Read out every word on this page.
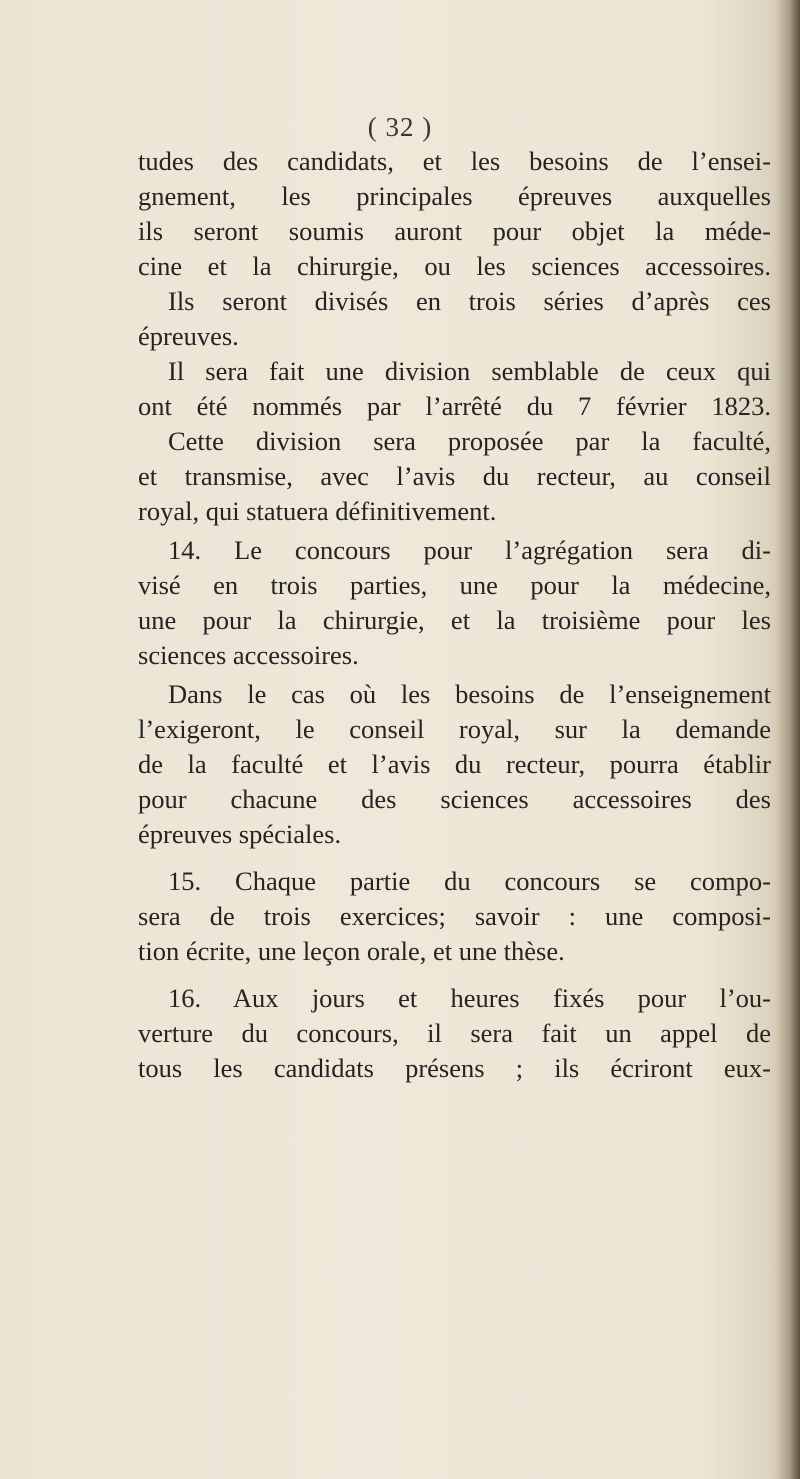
( 32 )
tudes des candidats, et les besoins de l’ensei-
gnement, les principales épreuves auxquelles
ils seront soumis auront pour objet la méde-
cine et la chirurgie, ou les sciences accessoires.
Ils seront divisés en trois séries d’après ces
épreuves.
Il sera fait une division semblable de ceux qui
ont été nommés par l’arrêté du 7 février 1823.
Cette division sera proposée par la faculté,
et transmise, avec l’avis du recteur, au conseil
royal, qui statuera définitivement.
14. Le concours pour l’agrégation sera di-
visé en trois parties, une pour la médecine,
une pour la chirurgie, et la troisième pour les
sciences accessoires.
Dans le cas où les besoins de l’enseignement
l’exigeront, le conseil royal, sur la demande
de la faculté et l’avis du recteur, pourra établir
pour chacune des sciences accessoires des
épreuves spéciales.
15. Chaque partie du concours se compo-
sera de trois exercices; savoir : une composi-
tion écrite, une leçon orale, et une thèse.
16. Aux jours et heures fixés pour l’ou-
verture du concours, il sera fait un appel de
tous les candidats présens ; ils écriront eux-
